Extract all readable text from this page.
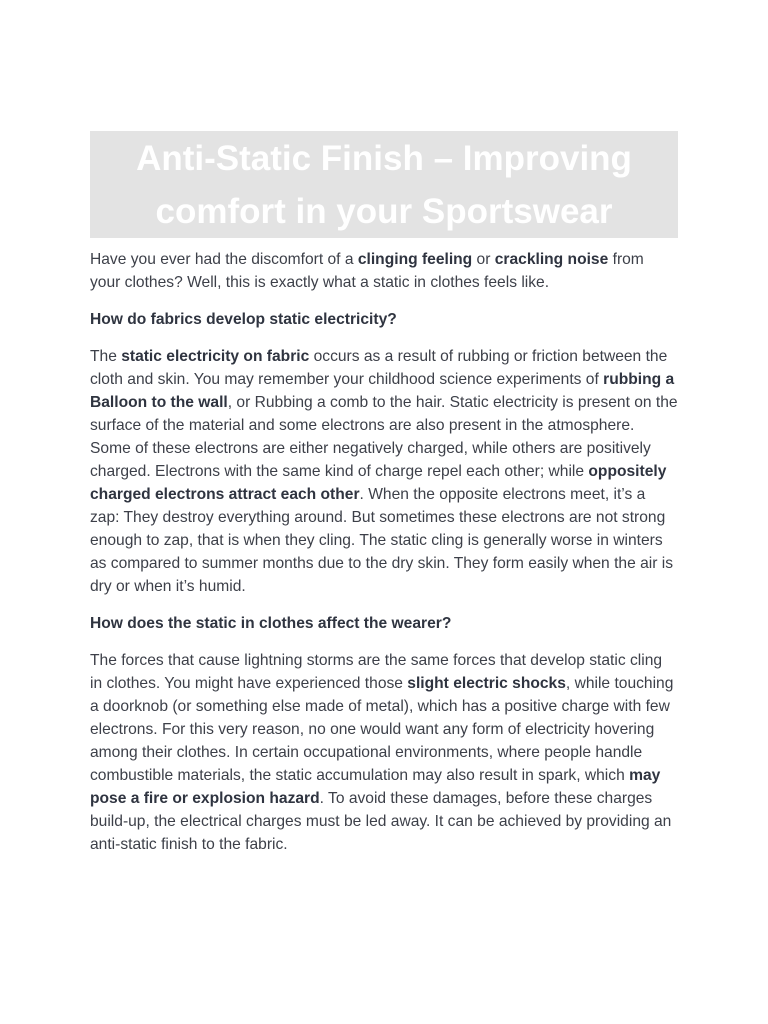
Anti-Static Finish – Improving comfort in your Sportswear

Have you ever had the discomfort of a clinging feeling or crackling noise from your clothes? Well, this is exactly what a static in clothes feels like.

How do fabrics develop static electricity?

The static electricity on fabric occurs as a result of rubbing or friction between the cloth and skin. You may remember your childhood science experiments of rubbing a Balloon to the wall, or Rubbing a comb to the hair. Static electricity is present on the surface of the material and some electrons are also present in the atmosphere. Some of these electrons are either negatively charged, while others are positively charged. Electrons with the same kind of charge repel each other; while oppositely charged electrons attract each other. When the opposite electrons meet, it’s a zap: They destroy everything around. But sometimes these electrons are not strong enough to zap, that is when they cling. The static cling is generally worse in winters as compared to summer months due to the dry skin. They form easily when the air is dry or when it’s humid.

How does the static in clothes affect the wearer?

The forces that cause lightning storms are the same forces that develop static cling in clothes. You might have experienced those slight electric shocks, while touching a doorknob (or something else made of metal), which has a positive charge with few electrons. For this very reason, no one would want any form of electricity hovering among their clothes. In certain occupational environments, where people handle combustible materials, the static accumulation may also result in spark, which may pose a fire or explosion hazard. To avoid these damages, before these charges build-up, the electrical charges must be led away. It can be achieved by providing an anti-static finish to the fabric.
